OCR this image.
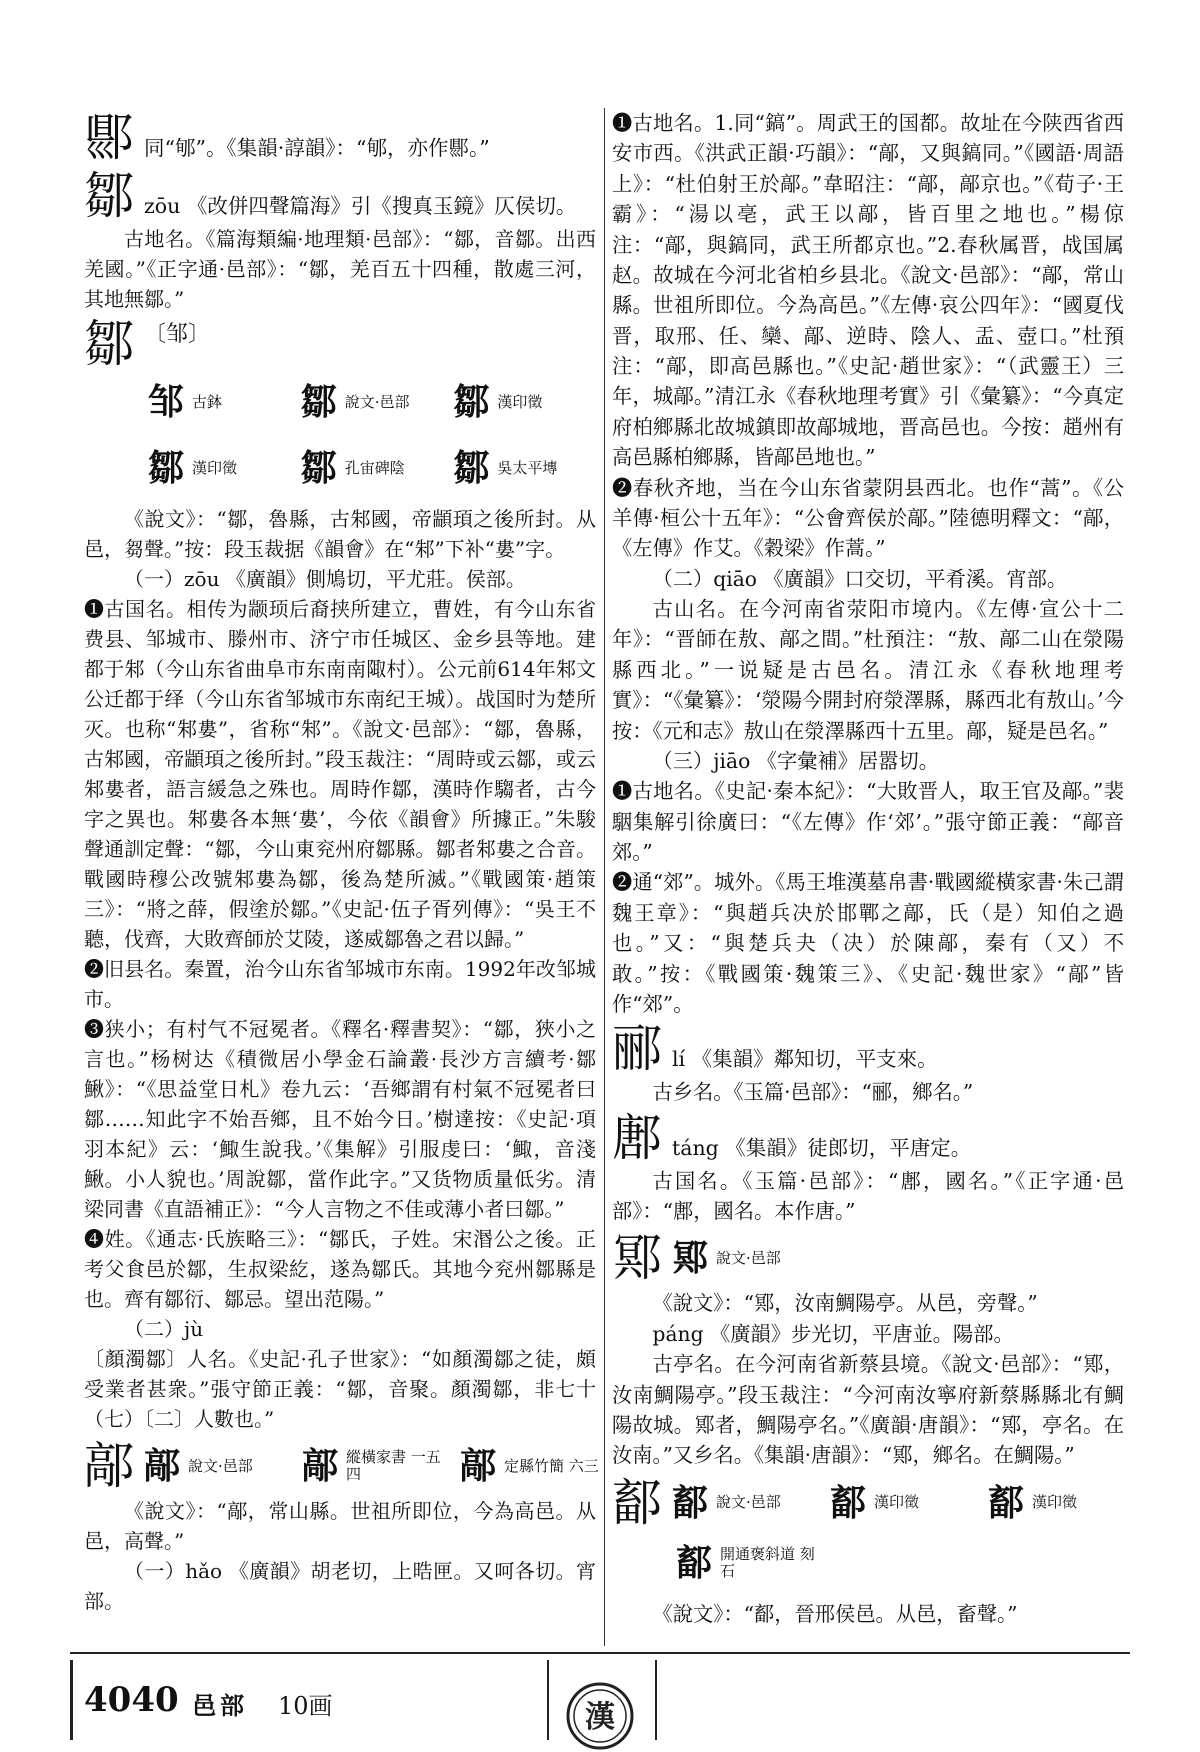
郻 同“郇”。《集韻·諄韻》：“郇，亦作郻。”
鄒 zōu 《改併四聲篇海》引《搜真玉鏡》仄侯切。

古地名。《篇海類編·地理類·邑部》：“鄒，音鄒。出西羌國。”《正字通·邑部》：“鄒，羌百五十四種，散處三河，其地無鄒。”

鄒 〔邹〕
邹 古鉢 鄒 說文·邑部 鄒 漢印徵
鄒 漢印徵 鄒 孔宙碑陰 鄒 吳太平塼

《說文》：“鄒，魯縣，古邾國，帝顓頊之後所封。从邑，芻聲。”按：段玉裁据《韻會》在“邾”下补“婁”字。

（一）zōu 《廣韻》側鳩切，平尤莊。侯部。

❶古国名。相传为颛顼后裔挟所建立，曹姓，有今山东省费县、邹城市、滕州市、济宁市任城区、金乡县等地。建都于邾（今山东省曲阜市东南南陬村）。公元前614年邾文公迁都于绎（今山东省邹城市东南纪王城）。战国时为楚所灭。也称“邾婁”，省称“邾”。《說文·邑部》：“鄒，魯縣，古邾國，帝顓頊之後所封。”段玉裁注：“周時或云鄒，或云邾婁者，語言緩急之殊也。周時作鄒，漢時作騶者，古今字之異也。邾婁各本無‘婁’，今依《韻會》所據正。”朱駿聲通訓定聲：“鄒，今山東兖州府鄒縣。鄒者邾婁之合音。戰國時穆公改號邾婁為鄒，後為楚所滅。”《戰國策·趙策三》：“將之薛，假塗於鄒。”《史記·伍子胥列傳》：“吳王不聽，伐齊，大敗齊師於艾陵，遂威鄒魯之君以歸。”

❷旧县名。秦置，治今山东省邹城市东南。1992年改邹城市。

❸狭小；有村气不冠冕者。《釋名·釋書契》：“鄒，狹小之言也。”杨树达《積微居小學金石論叢·長沙方言續考·鄒鰍》：“《思益堂日札》卷九云：‘吾鄉謂有村氣不冠冕者曰鄒……知此字不始吾鄉，且不始今日。’樹達按：《史記·項羽本紀》云：‘鯫生說我。’《集解》引服虔曰：‘鯫，音淺鰍。小人貌也。’周說鄒，當作此字。”又货物质量低劣。清梁同書《直語補正》：“今人言物之不佳或薄小者曰鄒。”

❹姓。《通志·氏族略三》：“鄒氏，子姓。宋湣公之後。正考父食邑於鄒，生叔梁紇，遂為鄒氏。其地今兖州鄒縣是也。齊有鄒衍、鄒忌。望出范陽。”

（二）jù

〔顏濁鄒〕人名。《史記·孔子世家》：“如顏濁鄒之徒，頗受業者甚衆。”張守節正義：“鄒，音聚。顏濁鄒，非七十（七）〔二〕人數也。”

鄗 鄗 說文·邑部 鄗 縱橫家書 一五四	鄗 定縣竹簡 六三

《說文》：“鄗，常山縣。世祖所即位，今為高邑。从邑，高聲。”

（一）hǎo 《廣韻》胡老切，上晧匣。又呵各切。宵部。

❶古地名。1.同“鎬”。周武王的国都。故址在今陕西省西安市西。《洪武正韻·巧韻》：“鄗，又與鎬同。”《國語·周語上》：“杜伯射王於鄗。”韋昭注：“鄗，鄗京也。”《荀子·王霸》：“湯以亳，武王以鄗，皆百里之地也。”楊倞注：“鄗，與鎬同，武王所都京也。”2.春秋属晋，战国属赵。故城在今河北省柏乡县北。《說文·邑部》：“鄗，常山縣。世祖所即位。今為高邑。”《左傳·哀公四年》：“國夏伐晋，取邢、任、欒、鄗、逆時、陰人、盂、壺口。”杜預注：“鄗，即高邑縣也。”《史記·趙世家》：“（武靈王）三年，城鄗。”清江永《春秋地理考實》引《彙纂》：“今真定府柏鄉縣北故城鎮即故鄗城地，晋高邑也。今按：趙州有高邑縣柏鄉縣，皆鄗邑地也。”

❷春秋齐地，当在今山东省蒙阴县西北。也作“蒿”。《公羊傳·桓公十五年》：“公會齊侯於鄗。”陸德明釋文：“鄗，《左傳》作艾。《穀梁》作蒿。”

（二）qiāo 《廣韻》口交切，平肴溪。宵部。

古山名。在今河南省荥阳市境内。《左傳·宣公十二年》：“晋師在敖、鄗之間。”杜預注：“敖、鄗二山在滎陽縣西北。”一说疑是古邑名。清江永《春秋地理考實》：“《彙纂》：‘滎陽今開封府滎澤縣，縣西北有敖山。’今按：《元和志》敖山在滎澤縣西十五里。鄗，疑是邑名。”

（三）jiāo 《字彙補》居嚣切。

❶古地名。《史記·秦本紀》：“大敗晋人，取王官及鄗。”裴駰集解引徐廣曰：“《左傳》作‘郊’。”張守節正義：“鄗音郊。”

❷通“郊”。城外。《馬王堆漢墓帛書·戰國縱橫家書·朱己謂魏王章》：“與趙兵决於邯鄲之鄗，氏（是）知伯之過也。”又：“與楚兵夬（决）於陳鄗，秦有（又）不敢。”按：《戰國策·魏策三》、《史記·魏世家》“鄗”皆作“郊”。

郦 lí 《集韻》鄰知切，平支來。

古乡名。《玉篇·邑部》：“郦，鄉名。”

鄌 táng 《集韻》徒郎切，平唐定。

古国名。《玉篇·邑部》：“鄌，國名。”《正字通·邑部》：“鄌，國名。本作唐。”

鄍 鄍 說文·邑部

《說文》：“鄍，汝南鯛陽亭。从邑，旁聲。”

páng 《廣韻》步光切，平唐並。陽部。

古亭名。在今河南省新蔡县境。《說文·邑部》：“鄍，汝南鯛陽亭。”段玉裁注：“今河南汝寧府新蔡縣縣北有鯛陽故城。鄍者，鯛陽亭名。”《廣韻·唐韻》：“鄍，亭名。在汝南。”又乡名。《集韻·唐韻》：“鄍，鄉名。在鯛陽。”

鄐 鄐 說文·邑部 鄐 漢印徵 鄐 漢印徵
鄐 開通褒斜道 刻石

《說文》：“鄐，晉邢侯邑。从邑，畜聲。”

4040 邑部 10画	漢
